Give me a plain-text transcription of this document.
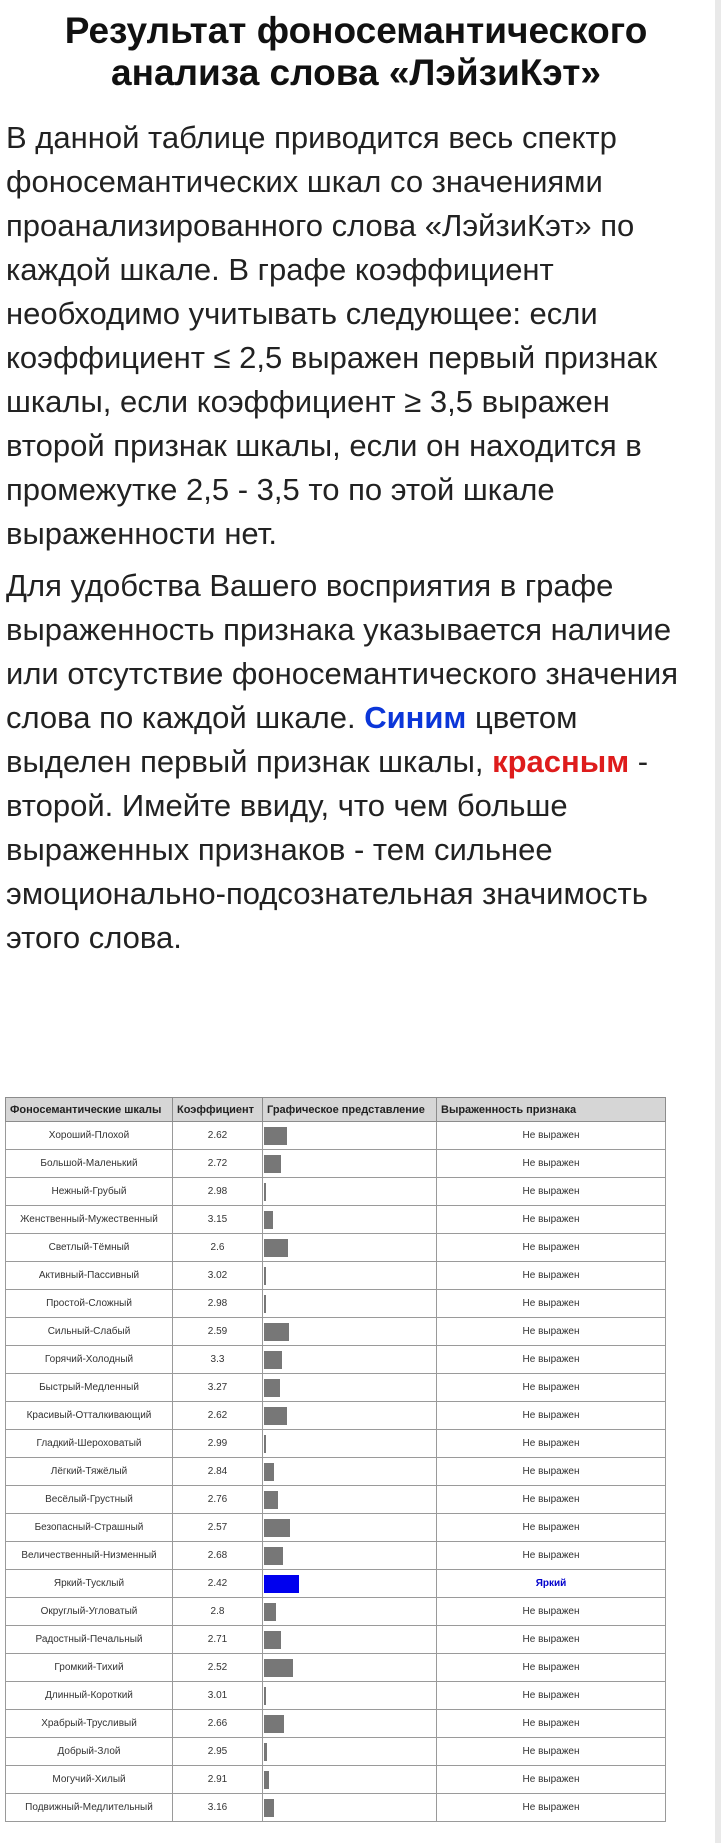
Результат фоносемантического анализа слова «ЛэйзиКэт»

В данной таблице приводится весь спектр фоносемантических шкал со значениями проанализированного слова «ЛэйзиКэт» по каждой шкале. В графе коэффициент необходимо учитывать следующее: если коэффициент ≤ 2,5 выражен первый признак шкалы, если коэффициент ≥ 3,5 выражен второй признак шкалы, если он находится в промежутке 2,5 - 3,5 то по этой шкале выраженности нет.

Для удобства Вашего восприятия в графе выраженность признака указывается наличие или отсутствие фоносемантического значения слова по каждой шкале. Синим цветом выделен первый признак шкалы, красным - второй. Имейте ввиду, что чем больше выраженных признаков - тем сильнее эмоционально-подсознательная значимость этого слова.

Фоносемантические шкалы	Коэффициент	Графическое представление	Выраженность признака
Хороший-Плохой	2.62		Не выражен
Большой-Маленький	2.72		Не выражен
Нежный-Грубый	2.98		Не выражен
Женственный-Мужественный	3.15		Не выражен
Светлый-Тёмный	2.6		Не выражен
Активный-Пассивный	3.02		Не выражен
Простой-Сложный	2.98		Не выражен
Сильный-Слабый	2.59		Не выражен
Горячий-Холодный	3.3		Не выражен
Быстрый-Медленный	3.27		Не выражен
Красивый-Отталкивающий	2.62		Не выражен
Гладкий-Шероховатый	2.99		Не выражен
Лёгкий-Тяжёлый	2.84		Не выражен
Весёлый-Грустный	2.76		Не выражен
Безопасный-Страшный	2.57		Не выражен
Величественный-Низменный	2.68		Не выражен
Яркий-Тусклый	2.42		Яркий
Округлый-Угловатый	2.8		Не выражен
Радостный-Печальный	2.71		Не выражен
Громкий-Тихий	2.52		Не выражен
Длинный-Короткий	3.01		Не выражен
Храбрый-Трусливый	2.66		Не выражен
Добрый-Злой	2.95		Не выражен
Могучий-Хилый	2.91		Не выражен
Подвижный-Медлительный	3.16		Не выражен
